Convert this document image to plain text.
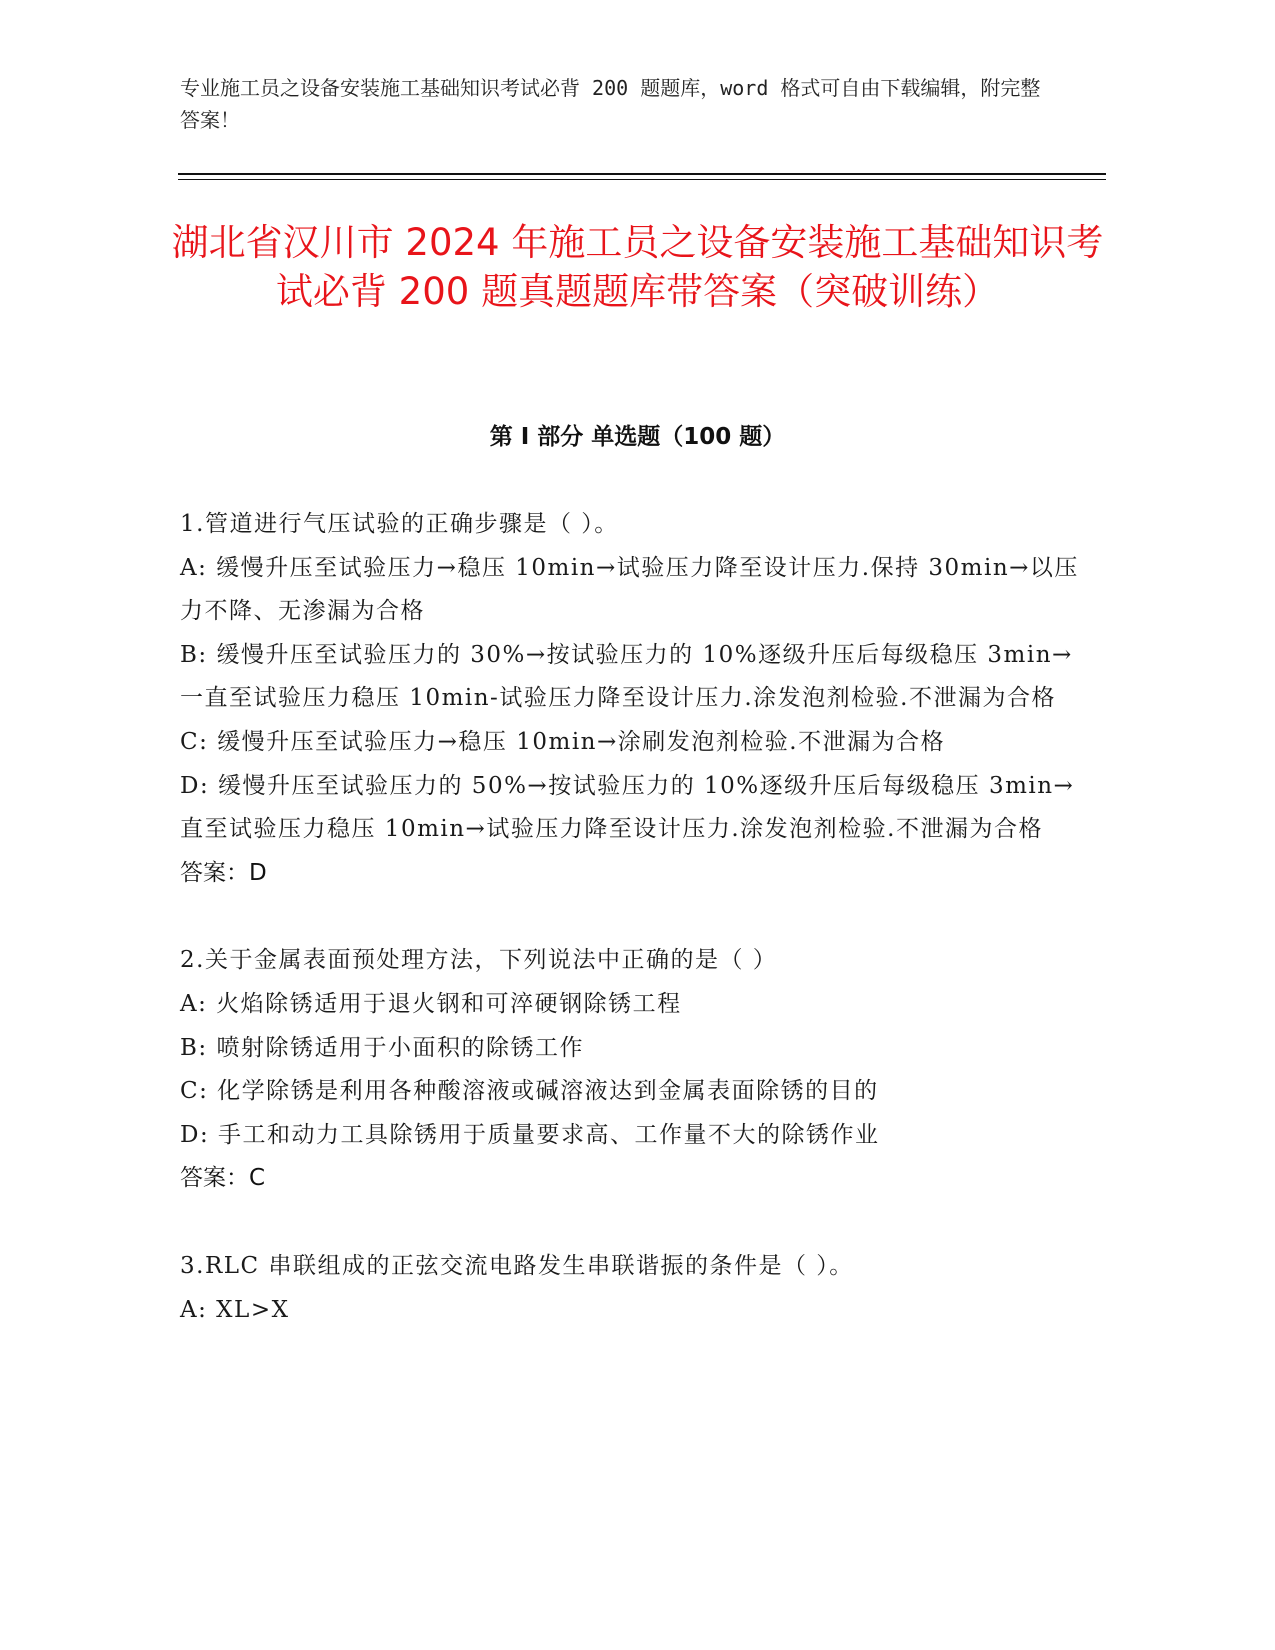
专业施工员之设备安装施工基础知识考试必背 200 题题库，word 格式可自由下载编辑，附完整答案！
湖北省汉川市 2024 年施工员之设备安装施工基础知识考试必背 200 题真题题库带答案（突破训练）
第 I 部分 单选题（100 题）

1.管道进行气压试验的正确步骤是（ ）。

A: 缓慢升压至试验压力→稳压 10min→试验压力降至设计压力.保持 30min→以压力不降、无渗漏为合格

B: 缓慢升压至试验压力的 30%→按试验压力的 10%逐级升压后每级稳压 3min→一直至试验压力稳压 10min-试验压力降至设计压力.涂发泡剂检验.不泄漏为合格

C: 缓慢升压至试验压力→稳压 10min→涂刷发泡剂检验.不泄漏为合格

D: 缓慢升压至试验压力的 50%→按试验压力的 10%逐级升压后每级稳压 3min→直至试验压力稳压 10min→试验压力降至设计压力.涂发泡剂检验.不泄漏为合格

答案：D

2.关于金属表面预处理方法，下列说法中正确的是（ ）

A: 火焰除锈适用于退火钢和可淬硬钢除锈工程

B: 喷射除锈适用于小面积的除锈工作

C: 化学除锈是利用各种酸溶液或碱溶液达到金属表面除锈的目的

D: 手工和动力工具除锈用于质量要求高、工作量不大的除锈作业

答案：C

3.RLC 串联组成的正弦交流电路发生串联谐振的条件是（ ）。

A: XL>X
